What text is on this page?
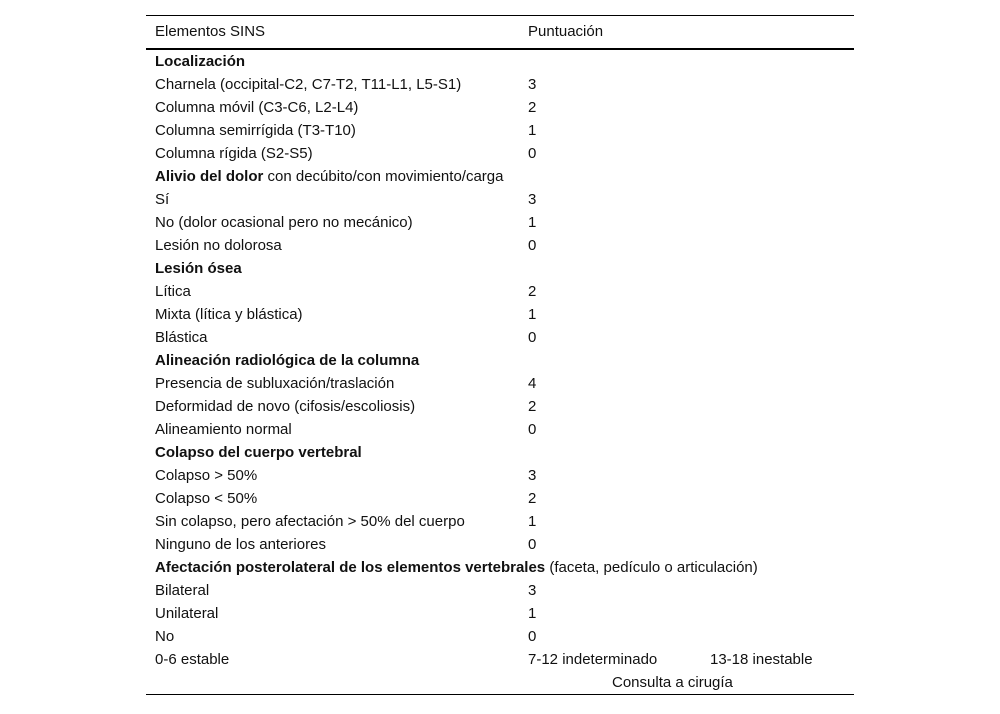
Elementos SINS	Puntuación
Localización
Charnela (occipital-C2, C7-T2, T11-L1, L5-S1)	3
Columna móvil (C3-C6, L2-L4)	2
Columna semirrígida (T3-T10)	1
Columna rígida (S2-S5)	0
Alivio del dolor con decúbito/con movimiento/carga
Sí	3
No (dolor ocasional pero no mecánico)	1
Lesión no dolorosa	0
Lesión ósea
Lítica	2
Mixta (lítica y blástica)	1
Blástica	0
Alineación radiológica de la columna
Presencia de subluxación/traslación	4
Deformidad de novo (cifosis/escoliosis)	2
Alineamiento normal	0
Colapso del cuerpo vertebral
Colapso > 50%	3
Colapso < 50%	2
Sin colapso, pero afectación > 50% del cuerpo	1
Ninguno de los anteriores	0
Afectación posterolateral de los elementos vertebrales (faceta, pedículo o articulación)
Bilateral	3
Unilateral	1
No	0
0-6 estable	7-12 indeterminado	13-18 inestable
Consulta a cirugía
